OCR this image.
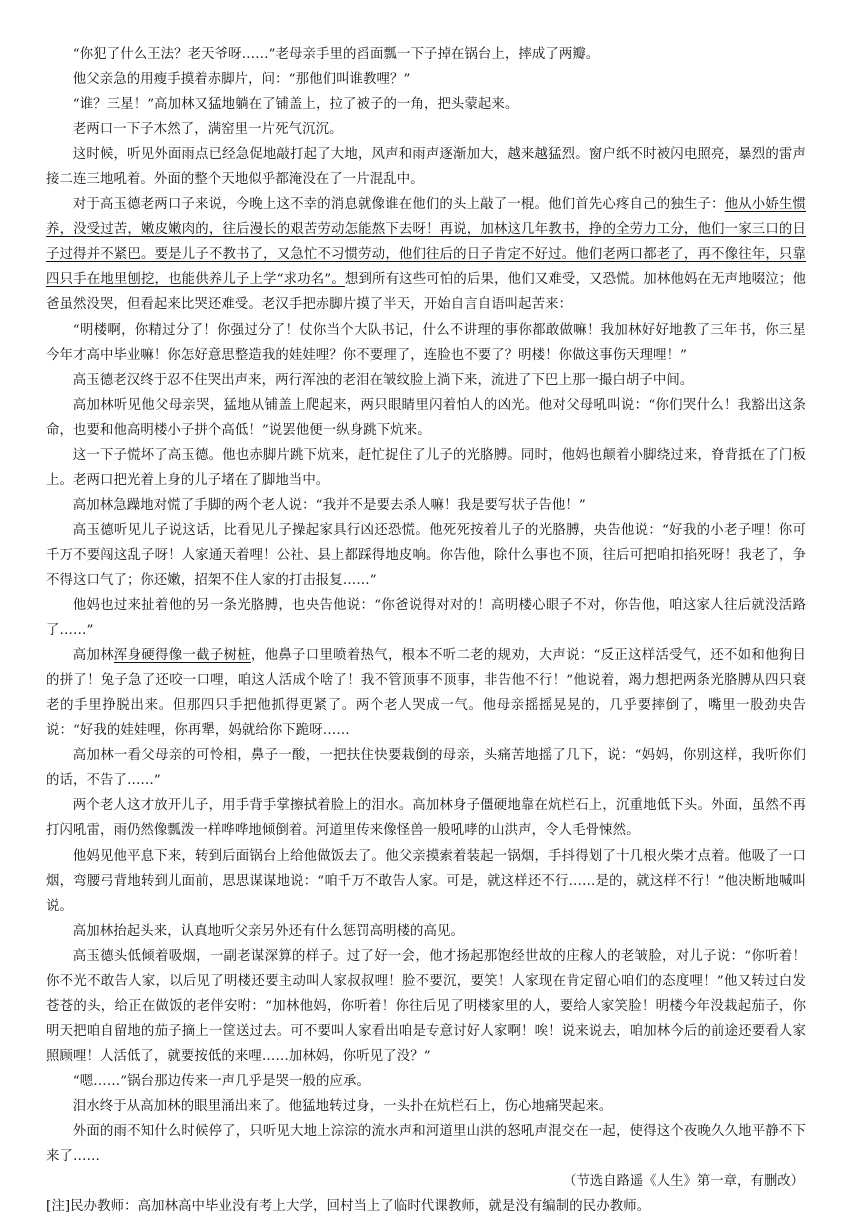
“你犯了什么王法？老天爷呀……”老母亲手里的舀面瓢一下子掉在锅台上，摔成了两瓣。

他父亲急的用瘦手摸着赤脚片，问：“那他们叫谁教哩？”

“谁？三星！”高加林又猛地躺在了铺盖上，拉了被子的一角，把头蒙起来。

老两口一下子木然了，满窑里一片死气沉沉。

这时候，听见外面雨点已经急促地敲打起了大地，风声和雨声逐渐加大，越来越猛烈。窗户纸不时被闪电照亮，暴烈的雷声接二连三地吼着。外面的整个天地似乎都淹没在了一片混乱中。

对于高玉德老两口子来说，今晚上这不幸的消息就像谁在他们的头上敲了一棍。他们首先心疼自己的独生子：他从小娇生惯养，没受过苦，嫩皮嫩肉的，往后漫长的艰苦劳动怎能熬下去呀！再说，加林这几年教书，挣的全劳力工分，他们一家三口的日子过得并不紧巴。要是儿子不教书了，又急忙不习惯劳动，他们往后的日子肯定不好过。他们老两口都老了，再不像往年，只靠四只手在地里刨挖，也能供养儿子上学“求功名”。想到所有这些可怕的后果，他们又难受，又恐慌。加林他妈在无声地啜泣；他爸虽然没哭，但看起来比哭还难受。老汉手把赤脚片摸了半天，开始自言自语叫起苦来：

“明楼啊，你精过分了！你强过分了！仗你当个大队书记，什么不讲理的事你都敢做嘛！我加林好好地教了三年书，你三星今年才高中毕业嘛！你怎好意思整造我的娃娃哩？你不要理了，连脸也不要了？明楼！你做这事伤天理哩！”

高玉德老汉终于忍不住哭出声来，两行浑浊的老泪在皱纹脸上淌下来，流进了下巴上那一撮白胡子中间。

高加林听见他父母亲哭，猛地从铺盖上爬起来，两只眼睛里闪着怕人的凶光。他对父母吼叫说：“你们哭什么！我豁出这条命，也要和他高明楼小子拼个高低！”说罢他便一纵身跳下炕来。

这一下子慌坏了高玉德。他也赤脚片跳下炕来，赶忙捉住了儿子的光胳膊。同时，他妈也颠着小脚绕过来，脊背抵在了门板上。老两口把光着上身的儿子堵在了脚地当中。

高加林急躁地对慌了手脚的两个老人说：“我并不是要去杀人嘛！我是要写状子告他！”

高玉德听见儿子说这话，比看见儿子操起家具行凶还恐慌。他死死按着儿子的光胳膊，央告他说：“好我的小老子哩！你可千万不要闯这乱子呀！人家通天着哩！公社、县上都踩得地皮响。你告他，除什么事也不顶，往后可把咱扣掐死呀！我老了，争不得这口气了；你还嫩，招架不住人家的打击报复……”

他妈也过来扯着他的另一条光胳膊，也央告他说：“你爸说得对对的！高明楼心眼子不对，你告他，咱这家人往后就没活路了……”

高加林浑身硬得像一截子树桩，他鼻子口里喷着热气，根本不听二老的规劝，大声说：“反正这样活受气，还不如和他狗日的拼了！兔子急了还咬一口哩，咱这人活成个啥了！我不管顶事不顶事，非告他不行！”他说着，竭力想把两条光胳膊从四只衰老的手里挣脱出来。但那四只手把他抓得更紧了。两个老人哭成一气。他母亲摇摇晃晃的，几乎要摔倒了，嘴里一股劲央告说：“好我的娃娃哩，你再犟，妈就给你下跪呀……

高加林一看父母亲的可怜相，鼻子一酸，一把扶住快要栽倒的母亲，头痛苦地摇了几下，说：“妈妈，你别这样，我听你们的话，不告了……”

两个老人这才放开儿子，用手背手掌擦拭着脸上的泪水。高加林身子僵硬地靠在炕栏石上，沉重地低下头。外面，虽然不再打闪吼雷，雨仍然像瓢泼一样哗哗地倾倒着。河道里传来像怪兽一般吼哮的山洪声，令人毛骨悚然。

他妈见他平息下来，转到后面锅台上给他做饭去了。他父亲摸索着装起一锅烟，手抖得划了十几根火柴才点着。他吸了一口烟，弯腰弓背地转到儿面前，思思谋谋地说：“咱千万不敢告人家。可是，就这样还不行……是的，就这样不行！”他决断地喊叫说。

高加林抬起头来，认真地听父亲另外还有什么惩罚高明楼的高见。

高玉德头低倾着吸烟，一副老谋深算的样子。过了好一会，他才扬起那饱经世故的庄稼人的老皱脸，对儿子说：“你听着！你不光不敢告人家，以后见了明楼还要主动叫人家叔叔哩！脸不要沉，要笑！人家现在肯定留心咱们的态度哩！”他又转过白发苍苍的头，给正在做饭的老伴安咐：“加林他妈，你听着！你往后见了明楼家里的人，要给人家笑脸！明楼今年没栽起茄子，你明天把咱自留地的茄子摘上一筐送过去。可不要叫人家看出咱是专意讨好人家啊！唉！说来说去，咱加林今后的前途还要看人家照顾哩！人活低了，就要按低的来哩……加林妈，你听见了没？”

“嗯……”锅台那边传来一声几乎是哭一般的应承。

泪水终于从高加林的眼里涌出来了。他猛地转过身，一头扑在炕栏石上，伤心地痛哭起来。

外面的雨不知什么时候停了，只听见大地上淙淙的流水声和河道里山洪的怒吼声混交在一起，使得这个夜晚久久地平静不下来了……

（节选自路遥《人生》第一章，有删改）

[注]民办教师：高加林高中毕业没有考上大学，回村当上了临时代课教师，就是没有编制的民办教师。
